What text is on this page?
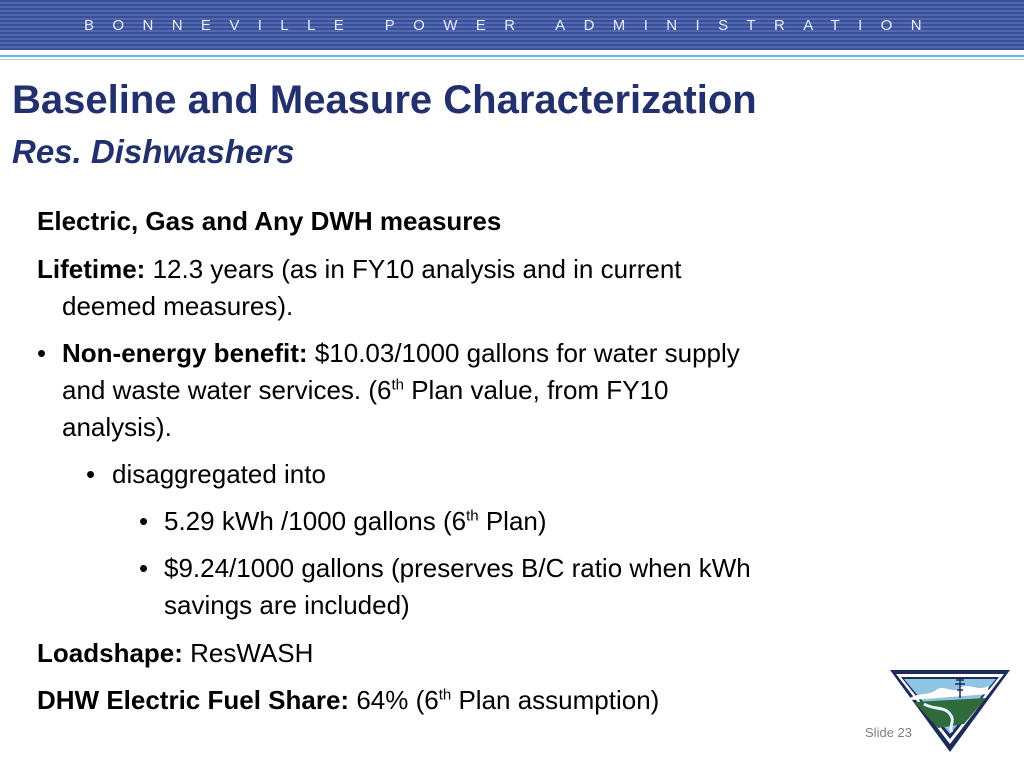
BONNEVILLE POWER ADMINISTRATION
Baseline and Measure Characterization
Res. Dishwashers

Electric, Gas and Any DWH measures

Lifetime: 12.3 years (as in FY10 analysis and in current

deemed measures).

• Non-energy benefit: $10.03/1000 gallons for water supply

and waste water services. (6th Plan value, from FY10

analysis).

• disaggregated into

• 5.29 kWh /1000 gallons (6th Plan)

• $9.24/1000 gallons (preserves B/C ratio when kWh

savings are included)

Loadshape: ResWASH

DHW Electric Fuel Share: 64% (6th Plan assumption)

Slide 23
